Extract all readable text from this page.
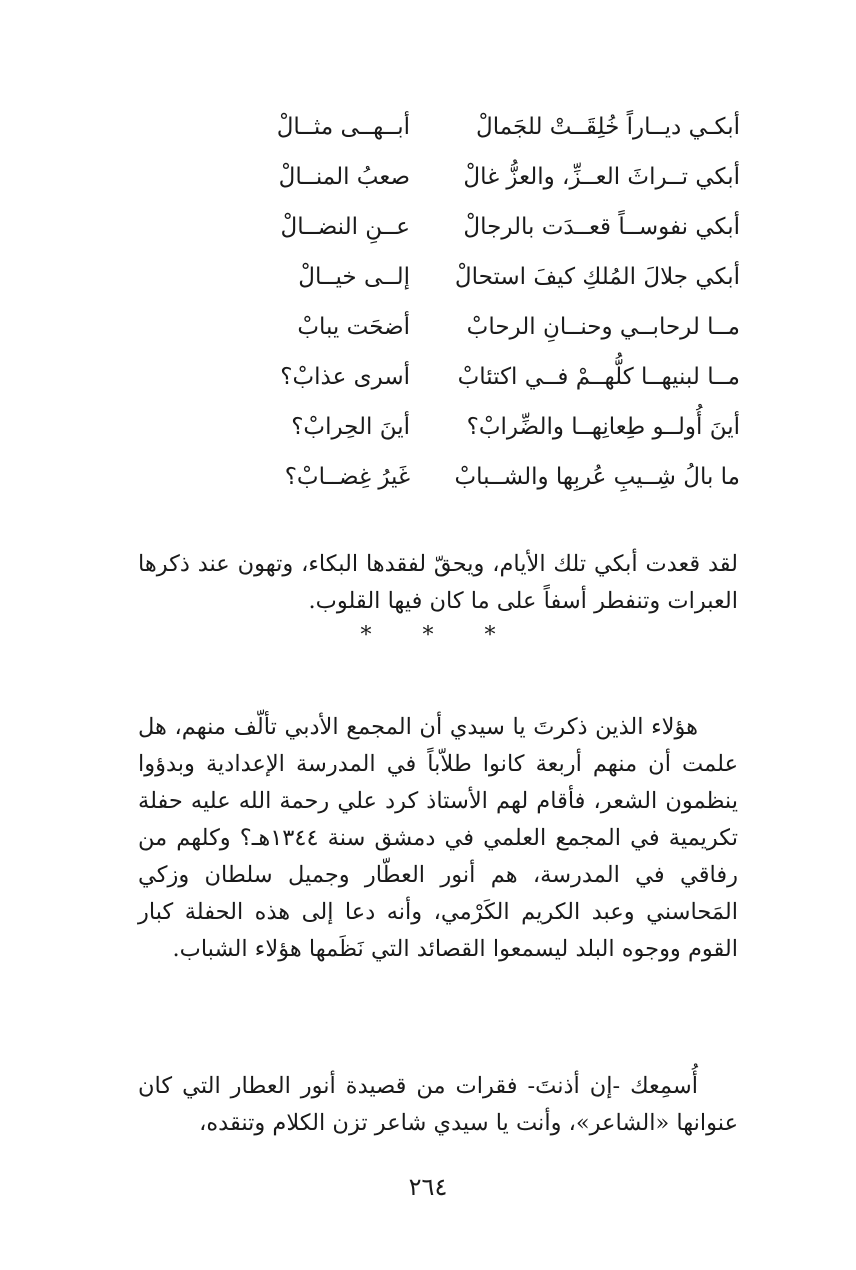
أبكـي ديــاراً خُلِقَــتْ للجَمالْ
أبــهــى مثــالْ
أبكي تــراثَ العــزِّ، والعزُّ غالْ
صعبُ المنــالْ
أبكي نفوســاً قعــدَت بالرجالْ
عــنِ النضــالْ
أبكي جلالَ المُلكِ كيفَ استحالْ
إلــى خيــالْ
مــا لرحابــي وحنــانِ الرحابْ
أضحَت يبابْ
مــا لبنيهــا كلُّهــمْ فــي اكتئابْ
أسرى عذابْ؟
أينَ أُولــو طِعانِهــا والضِّرابْ؟
أينَ الحِرابْ؟
ما بالُ شِــيبِ عُربِها والشــبابْ
غَيرُ غِضــابْ؟

لقد قعدت أبكي تلك الأيام، ويحقّ لفقدها البكاء، وتهون عند ذكرها العبرات وتنفطر أسفاً على ما كان فيها القلوب.

* * *

هؤلاء الذين ذكرتَ يا سيدي أن المجمع الأدبي تألّف منهم، هل علمت أن منهم أربعة كانوا طلاّباً في المدرسة الإعدادية وبدؤوا ينظمون الشعر، فأقام لهم الأستاذ كرد علي رحمة الله عليه حفلة تكريمية في المجمع العلمي في دمشق سنة ١٣٤٤هـ؟ وكلهم من رفاقي في المدرسة، هم أنور العطّار وجميل سلطان وزكي المَحاسني وعبد الكريم الكَرْمي، وأنه دعا إلى هذه الحفلة كبار القوم ووجوه البلد ليسمعوا القصائد التي نَظَمها هؤلاء الشباب.

أُسمِعك -إن أذنتَ- فقرات من قصيدة أنور العطار التي كان عنوانها «الشاعر»، وأنت يا سيدي شاعر تزن الكلام وتنقده،

٢٦٤
